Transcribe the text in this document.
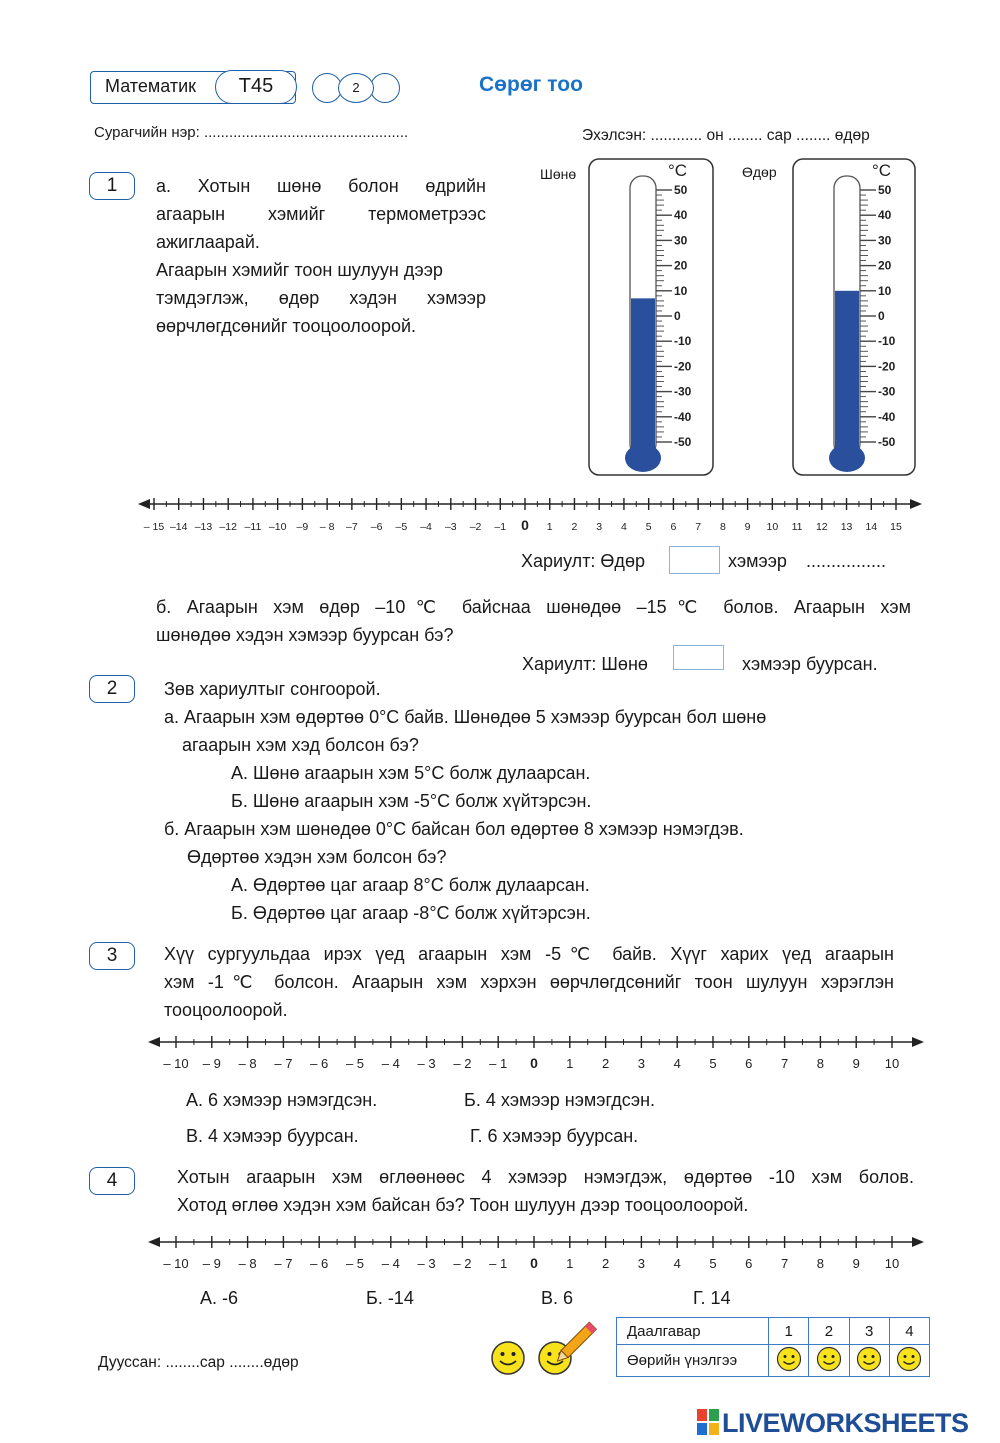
Математик	Т45	2	Сөрөг тоо
Сурагчийн нэр: .................................................	Эхэлсэн: ............ он ........ сар ........ өдөр
1	а. Хотын шөнө болон өдрийн
агаарын хэмийг термометрээс
ажиглаарай.
Агаарын хэмийг тоон шулуун дээр
тэмдэглэж, өдөр хэдэн хэмээр
өөрчлөгдсөнийг тооцоолоорой.
Шөнө	Өдөр
50
40
30
20
10
0
-10
-20
-30
-40
-50
°C
50
40
30
20
10
0
-10
-20
-30
-40
-50
°C
– 15 –14 –13 –12 –11 –10 –9 – 8 –7 –6 –5 –4 –3 –2 –1 0 1 2 3 4 5 6 7 8 9 10 11 12 13 14 15
Хариулт: Өдөр	хэмээр ................
б. Агаарын хэм өдөр –10℃ байснаа шөнөдөө –15℃ болов. Агаарын хэм
шөнөдөө хэдэн хэмээр буурсан бэ?
Хариулт: Шөнө	хэмээр буурсан.
2	Зөв хариултыг сонгоорой.
а. Агаарын хэм өдөртөө 0°C байв. Шөнөдөө 5 хэмээр буурсан бол шөнө
агаарын хэм хэд болсон бэ?
А. Шөнө агаарын хэм 5°C болж дулаарсан.
Б. Шөнө агаарын хэм -5°C болж хүйтэрсэн.
б. Агаарын хэм шөнөдөө 0°C байсан бол өдөртөө 8 хэмээр нэмэгдэв.
Өдөртөө хэдэн хэм болсон бэ?
А. Өдөртөө цаг агаар 8°C болж дулаарсан.
Б. Өдөртөө цаг агаар -8°C болж хүйтэрсэн.
3	Хүү сургуульдаа ирэх үед агаарын хэм -5℃ байв. Хүүг харих үед агаарын
хэм -1℃ болсон. Агаарын хэм хэрхэн өөрчлөгдсөнийг тоон шулуун хэрэглэн
тооцоолоорой.
– 10 – 9 – 8 – 7 – 6 – 5 – 4 – 3 – 2 – 1 0 1 2 3 4 5 6 7 8 9 10
А. 6 хэмээр нэмэгдсэн.	Б. 4 хэмээр нэмэгдсэн.
В. 4 хэмээр буурсан.	Г. 6 хэмээр буурсан.
4	Хотын агаарын хэм өглөөнөөс 4 хэмээр нэмэгдэж, өдөртөө -10 хэм болов.
Хотод өглөө хэдэн хэм байсан бэ? Тоон шулуун дээр тооцоолоорой.
– 10 – 9 – 8 – 7 – 6 – 5 – 4 – 3 – 2 – 1 0 1 2 3 4 5 6 7 8 9 10
А. -6	Б. -14	В. 6	Г. 14
Дуусcан: ........сар ........өдөр
Даалгавар	1	2	3	4
Өөрийн үнэлгээ				
LIVEWORKSHEETS
